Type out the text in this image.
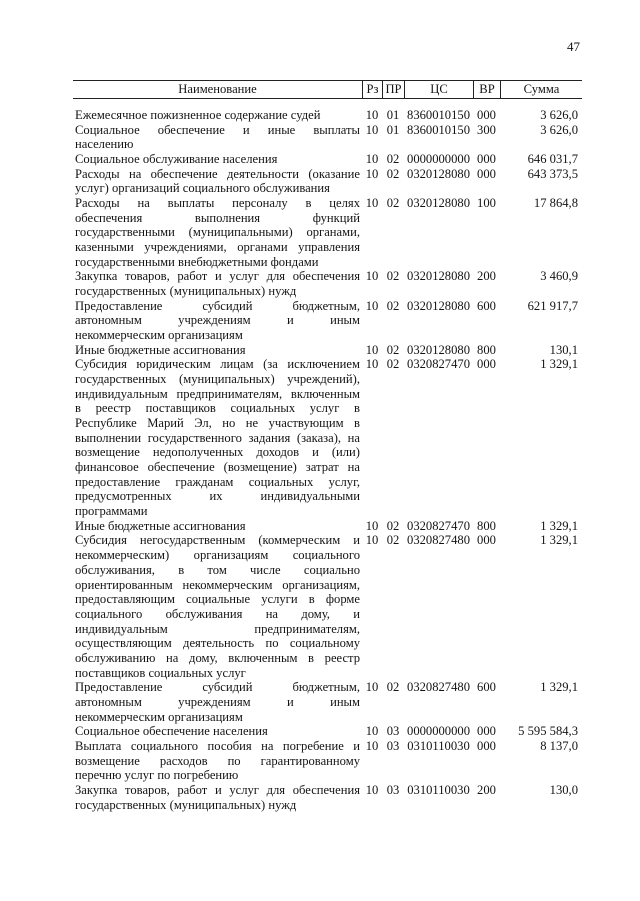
47
Наименование	Рз ПР	ЦС	ВР	Сумма
Ежемесячное пожизненное содержание судей	10 01 8360010150 000	3 626,0
Социальное обеспечение и иные выплаты
населению
10 01 8360010150 300	3 626,0
Социальное обслуживание населения	10 02 0000000000 000	646 031,7
Расходы на обеспечение деятельности (оказание
услуг) организаций социального обслуживания
10 02 0320128080 000	643 373,5
Расходы на выплаты персоналу в целях
обеспечения выполнения функций
государственными (муниципальными) органами,
казенными учреждениями, органами управления
государственными внебюджетными фондами
10 02 0320128080 100	17 864,8
Закупка товаров, работ и услуг для обеспечения
государственных (муниципальных) нужд
10 02 0320128080 200	3 460,9
Предоставление субсидий бюджетным,
автономным учреждениям и иным
некоммерческим организациям
10 02 0320128080 600	621 917,7
Иные бюджетные ассигнования	10 02 0320128080 800	130,1
Субсидия юридическим лицам (за исключением
государственных (муниципальных) учреждений),
индивидуальным предпринимателям, включенным
в реестр поставщиков социальных услуг в
Республике Марий Эл, но не участвующим в
выполнении государственного задания (заказа), на
возмещение недополученных доходов и (или)
финансовое обеспечение (возмещение) затрат на
предоставление гражданам социальных услуг,
предусмотренных их индивидуальными
программами
10 02 0320827470 000	1 329,1
Иные бюджетные ассигнования	10 02 0320827470 800	1 329,1
Субсидия негосударственным (коммерческим и
некоммерческим) организациям социального
обслуживания, в том числе социально
ориентированным некоммерческим организациям,
предоставляющим социальные услуги в форме
социального обслуживания на дому, и
индивидуальным предпринимателям,
осуществляющим деятельность по социальному
обслуживанию на дому, включенным в реестр
поставщиков социальных услуг
10 02 0320827480 000	1 329,1
Предоставление субсидий бюджетным,
автономным учреждениям и иным
некоммерческим организациям
10 02 0320827480 600	1 329,1
Социальное обеспечение населения	10 03 0000000000 000	5 595 584,3
Выплата социального пособия на погребение и
возмещение расходов по гарантированному
перечню услуг по погребению
10 03 0310110030 000	8 137,0
Закупка товаров, работ и услуг для обеспечения
государственных (муниципальных) нужд
10 03 0310110030 200	130,0
